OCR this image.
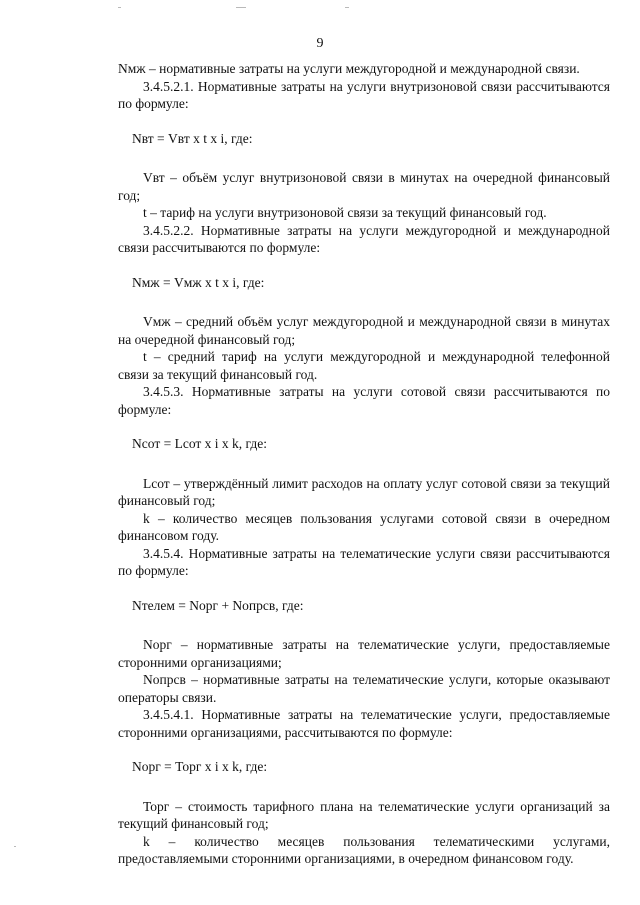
9

Nмж – нормативные затраты на услуги междугородной и международной связи.

3.4.5.2.1. Нормативные затраты на услуги внутризоновой связи рассчитываются по формуле:

Nвт = Vвт x t x i, где:

Vвт – объём услуг внутризоновой связи в минутах на очередной финансовый год;

t – тариф на услуги внутризоновой связи за текущий финансовый год.

3.4.5.2.2. Нормативные затраты на услуги междугородной и международной связи рассчитываются по формуле:

Nмж = Vмж x t x i, где:

Vмж – средний объём услуг междугородной и международной связи в минутах на очередной финансовый год;

t – средний тариф на услуги междугородной и международной телефонной связи за текущий финансовый год.

3.4.5.3. Нормативные затраты на услуги сотовой связи рассчитываются по формуле:

Nсот = Lсот x i x k, где:

Lсот – утверждённый лимит расходов на оплату услуг сотовой связи за текущий финансовый год;

k – количество месяцев пользования услугами сотовой связи в очередном финансовом году.

3.4.5.4. Нормативные затраты на телематические услуги связи рассчитываются по формуле:

Nтелем = Nорг + Nопрсв, где:

Nорг – нормативные затраты на телематические услуги, предоставляемые сторонними организациями;

Nопрсв – нормативные затраты на телематические услуги, которые оказывают операторы связи.

3.4.5.4.1. Нормативные затраты на телематические услуги, предоставляемые сторонними организациями, рассчитываются по формуле:

Nорг = Торг x i x k, где:

Торг – стоимость тарифного плана на телематические услуги организаций за текущий финансовый год;

k – количество месяцев пользования телематическими услугами, предоставляемыми сторонними организациями, в очередном финансовом году.
